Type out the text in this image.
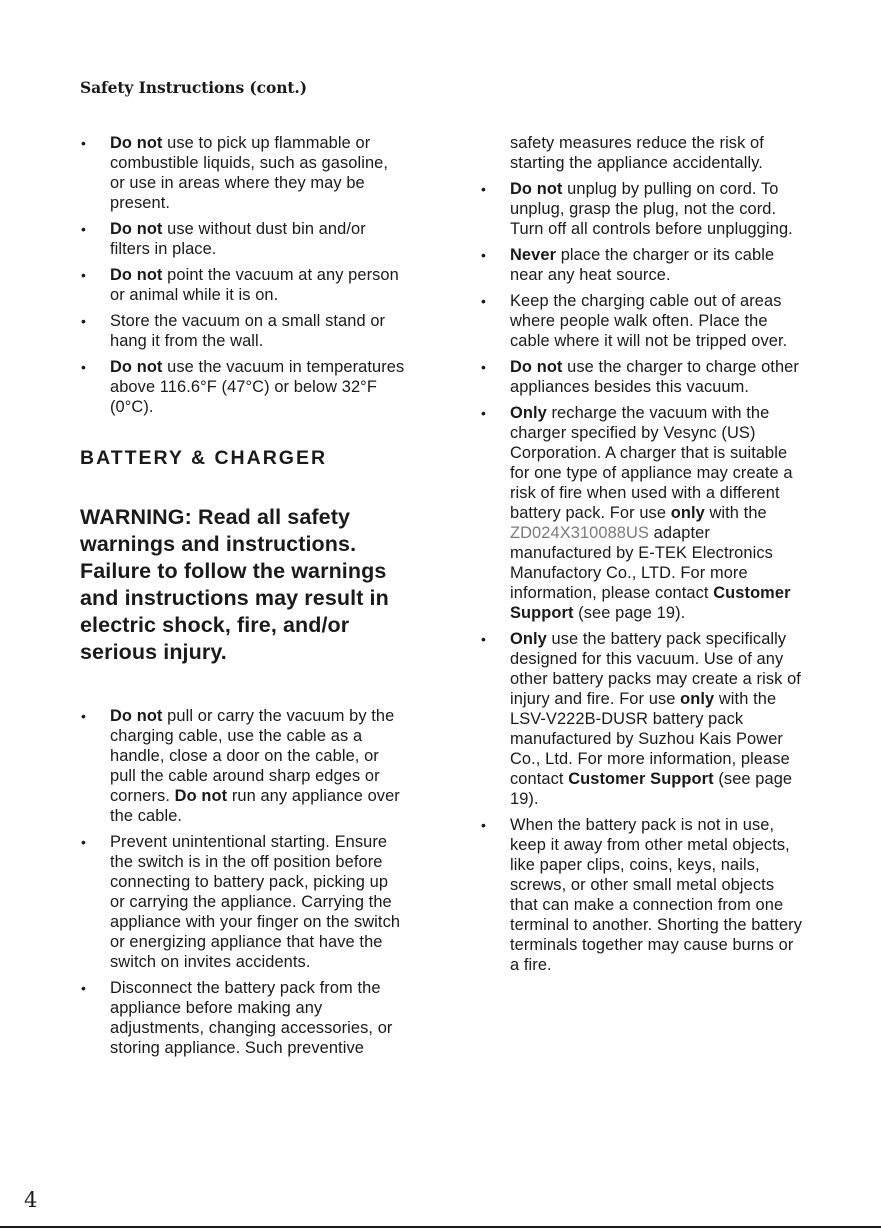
Safety Instructions (cont.)
• Do not use to pick up flammable or combustible liquids, such as gasoline, or use in areas where they may be present.
• Do not use without dust bin and/or filters in place.
• Do not point the vacuum at any person or animal while it is on.
• Store the vacuum on a small stand or hang it from the wall.
• Do not use the vacuum in temperatures above 116.6°F (47°C) or below 32°F (0°C).
BATTERY & CHARGER
WARNING: Read all safety warnings and instructions. Failure to follow the warnings and instructions may result in electric shock, fire, and/or serious injury.
• Do not pull or carry the vacuum by the charging cable, use the cable as a handle, close a door on the cable, or pull the cable around sharp edges or corners. Do not run any appliance over the cable.
• Prevent unintentional starting. Ensure the switch is in the off position before connecting to battery pack, picking up or carrying the appliance. Carrying the appliance with your finger on the switch or energizing appliance that have the switch on invites accidents.
• Disconnect the battery pack from the appliance before making any adjustments, changing accessories, or storing appliance. Such preventive
safety measures reduce the risk of starting the appliance accidentally.
• Do not unplug by pulling on cord. To unplug, grasp the plug, not the cord. Turn off all controls before unplugging.
• Never place the charger or its cable near any heat source.
• Keep the charging cable out of areas where people walk often. Place the cable where it will not be tripped over.
• Do not use the charger to charge other appliances besides this vacuum.
• Only recharge the vacuum with the charger specified by Vesync (US) Corporation. A charger that is suitable for one type of appliance may create a risk of fire when used with a different battery pack. For use only with the ZD024X310088US adapter manufactured by E-TEK Electronics Manufactory Co., LTD. For more information, please contact Customer Support (see page 19).
• Only use the battery pack specifically designed for this vacuum. Use of any other battery packs may create a risk of injury and fire. For use only with the LSV-V222B-DUSR battery pack manufactured by Suzhou Kais Power Co., Ltd. For more information, please contact Customer Support (see page 19).
• When the battery pack is not in use, keep it away from other metal objects, like paper clips, coins, keys, nails, screws, or other small metal objects that can make a connection from one terminal to another. Shorting the battery terminals together may cause burns or a fire.
4
